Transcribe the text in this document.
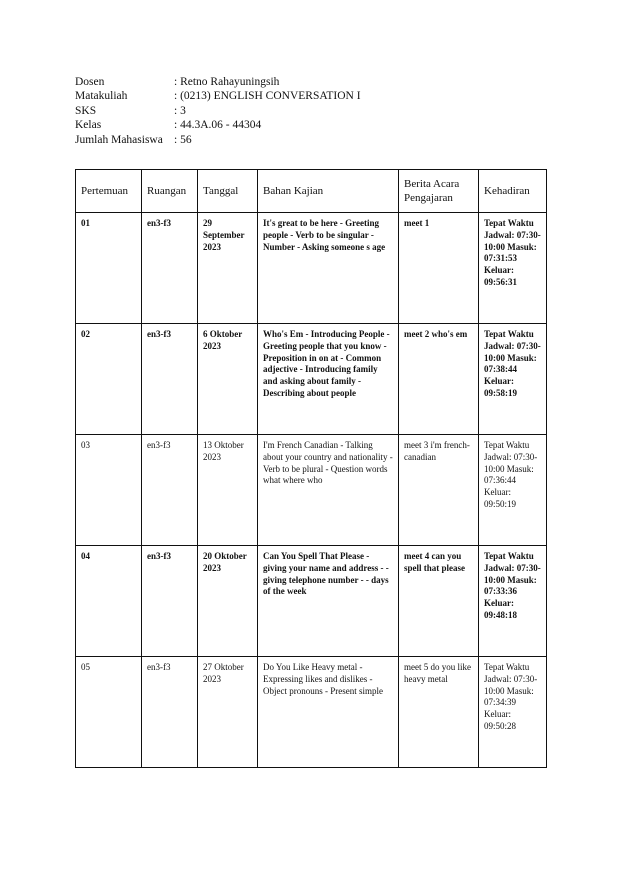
Dosen	: Retno Rahayuningsih
Matakuliah	: (0213) ENGLISH CONVERSATION I
SKS	: 3
Kelas	: 44.3A.06 - 44304
Jumlah Mahasiswa : 56
Pertemuan	Ruangan	Tanggal	Bahan Kajian	Berita Acara Pengajaran	Kehadiran
01	en3-f3	29 September 2023	It's great to be here - Greeting people - Verb to be singular - Number - Asking someone s age	meet 1	Tepat Waktu Jadwal: 07:30-10:00 Masuk: 07:31:53 Keluar: 09:56:31
02	en3-f3	6 Oktober 2023	Who's Em - Introducing People - Greeting people that you know - Preposition in on at - Common adjective - Introducing family and asking about family - Describing about people	meet 2 who's em	Tepat Waktu Jadwal: 07:30-10:00 Masuk: 07:38:44 Keluar: 09:58:19
03	en3-f3	13 Oktober 2023	I'm French Canadian - Talking about your country and nationality - Verb to be plural - Question words what where who	meet 3 i'm french-canadian	Tepat Waktu Jadwal: 07:30-10:00 Masuk: 07:36:44 Keluar: 09:50:19
04	en3-f3	20 Oktober 2023	Can You Spell That Please - giving your name and address - - giving telephone number - - days of the week	meet 4 can you spell that please	Tepat Waktu Jadwal: 07:30-10:00 Masuk: 07:33:36 Keluar: 09:48:18
05	en3-f3	27 Oktober 2023	Do You Like Heavy metal - Expressing likes and dislikes - Object pronouns - Present simple	meet 5 do you like heavy metal	Tepat Waktu Jadwal: 07:30-10:00 Masuk: 07:34:39 Keluar: 09:50:28
